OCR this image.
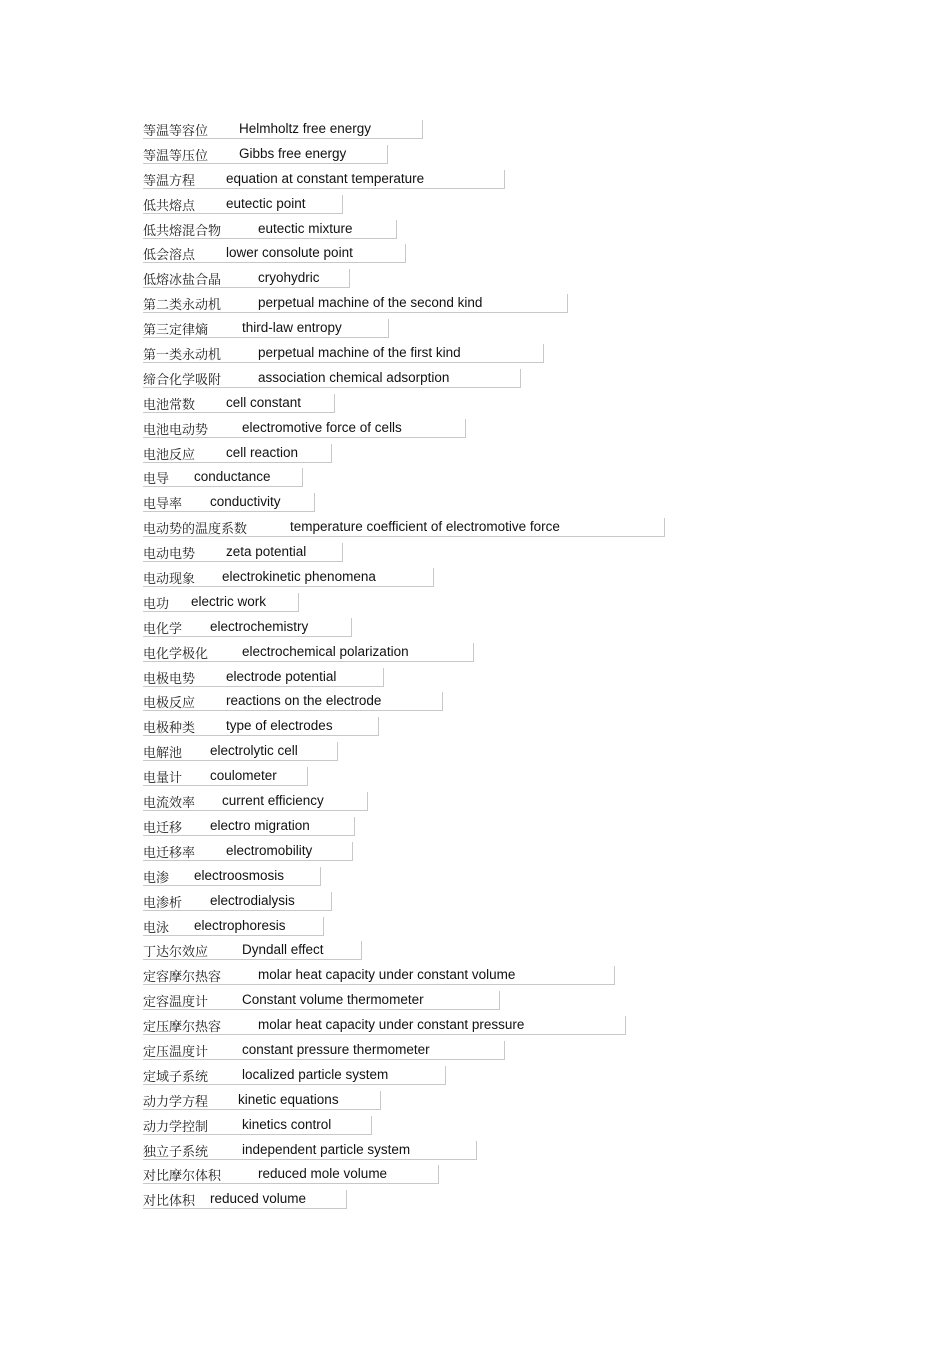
等温等容位 Helmholtz free energy
等温等压位 Gibbs free energy
等温方程 equation at constant temperature
低共熔点 eutectic point
低共熔混合物	eutectic mixture
低会溶点 lower consolute point
低熔冰盐合晶	cryohydric
第二类永动机	perpetual machine of the second kind
第三定律熵	third-law entropy
第一类永动机	perpetual machine of the first kind
缔合化学吸附	association chemical adsorption
电池常数 cell constant
电池电动势	electromotive force of cells
电池反应 cell reaction
电导 conductance
电导率 conductivity
电动势的温度系数	temperature coefficient of electromotive force
电动电势 zeta potential
电动现象 electrokinetic phenomena
电功 electric work
电化学 electrochemistry
电化学极化	electrochemical polarization
电极电势 electrode potential
电极反应 reactions on the electrode
电极种类 type of electrodes
电解池 electrolytic cell
电量计 coulometer
电流效率 current efficiency
电迁移 electro migration
电迁移率 electromobility
电渗 electroosmosis
电渗析 electrodialysis
电泳 electrophoresis
丁达尔效应	Dyndall effect
定容摩尔热容	molar heat capacity under constant volume
定容温度计	Constant volume thermometer
定压摩尔热容	molar heat capacity under constant pressure
定压温度计	constant pressure thermometer
定域子系统	localized particle system
动力学方程 kinetic equations
动力学控制	kinetics control
独立子系统	independent particle system
对比摩尔体积	reduced mole volume
对比体积 reduced volume
